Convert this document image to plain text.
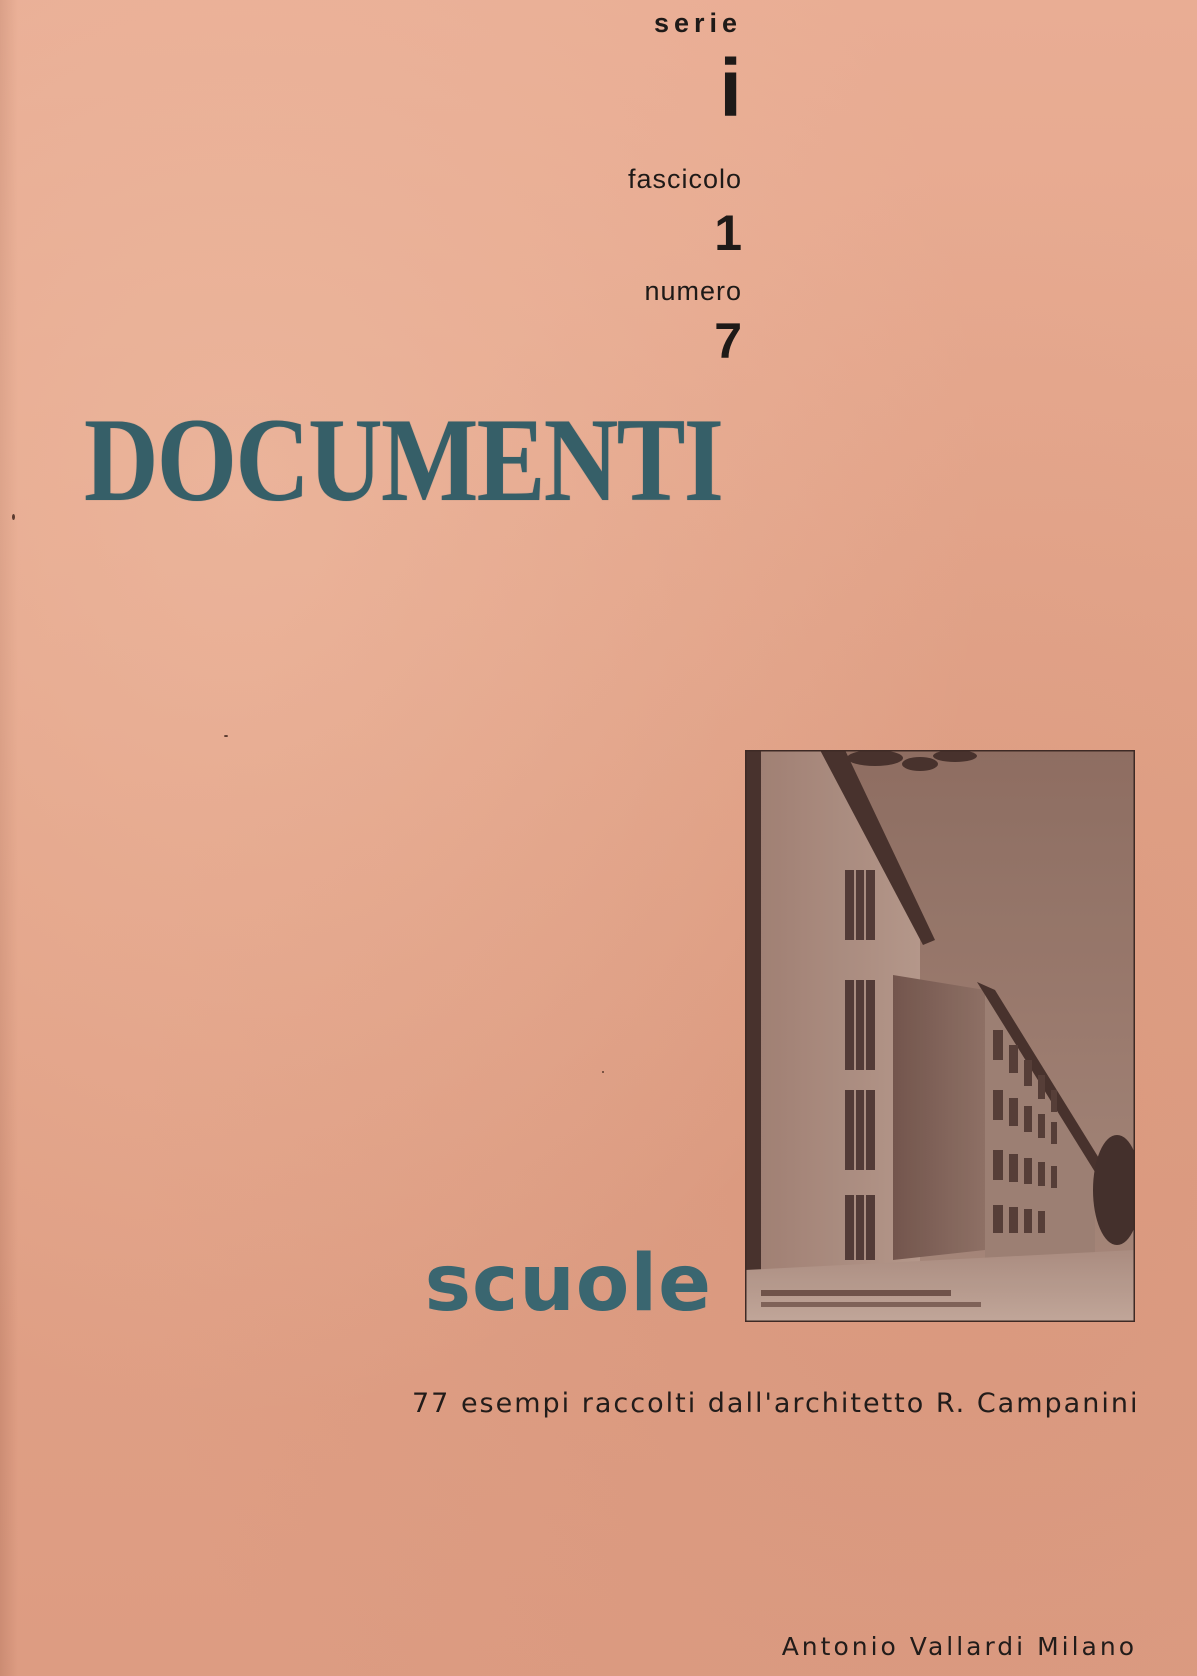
serie
i
fascicolo
1
numero
7
DOCUMENTI
scuole
77 esempi raccolti dall'architetto R. Campanini
Antonio Vallardi Milano
